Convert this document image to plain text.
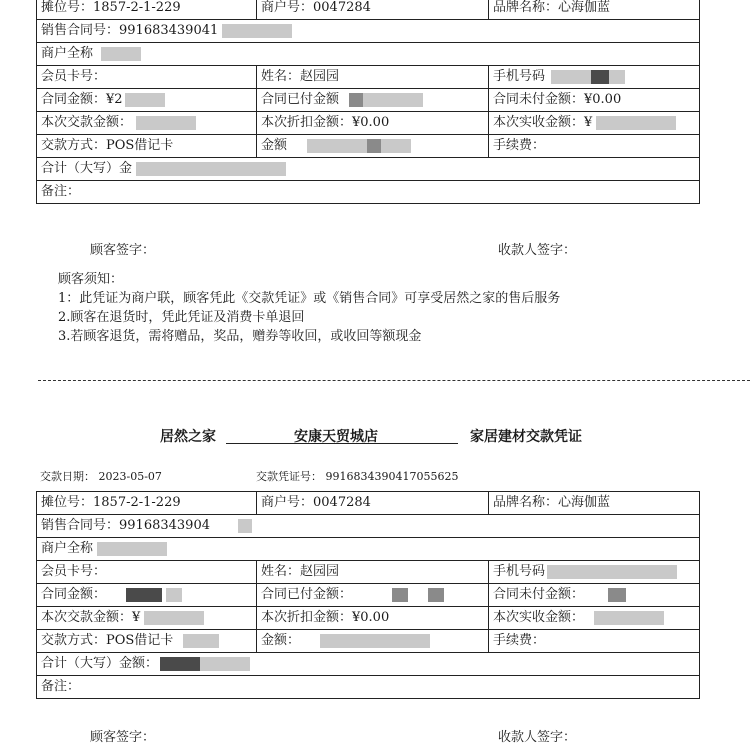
摊位号：1857-2-1-229	商户号：0047284	品牌名称：心海伽蓝
销售合同号：991683439041
商户全称
会员卡号：	姓名：赵园园	手机号码
合同金额：¥2	合同已付金额	合同未付金额：¥0.00
本次交款金额：	本次折扣金额：¥0.00	本次实收金额：¥
交款方式：POS借记卡	金额	手续费：
合计（大写）金
备注：
顾客签字：	收款人签字：
顾客须知：
1：此凭证为商户联，顾客凭此《交款凭证》或《销售合同》可享受居然之家的售后服务
2.顾客在退货时，凭此凭证及消费卡单退回
3.若顾客退货，需将赠品，奖品，赠券等收回，或收回等额现金
居然之家	安康天贸城店	家居建材交款凭证
交款日期： 2023-05-07	交款凭证号： 9916834390417055625
摊位号：1857-2-1-229	商户号：0047284	品牌名称：心海伽蓝
销售合同号：99168343904
商户全称
会员卡号：	姓名：赵园园	手机号码
合同金额：	合同已付金额：	合同未付金额：
本次交款金额：¥	本次折扣金额：¥0.00	本次实收金额：
交款方式：POS借记卡	金额：	手续费：
合计（大写）金额：
备注：
顾客签字：	收款人签字：
